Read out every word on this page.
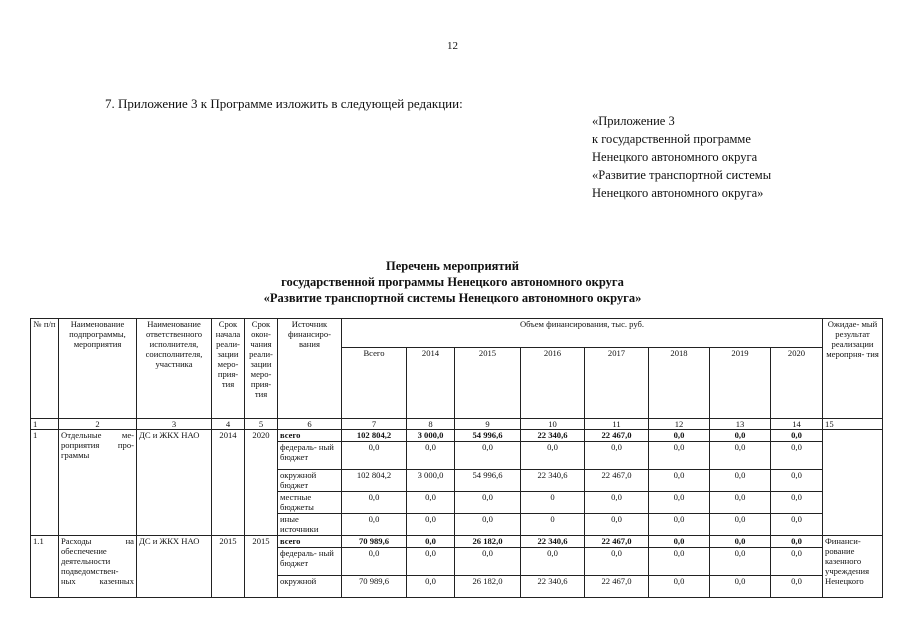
12
7. Приложение 3 к Программе изложить в следующей редакции:
«Приложение 3
к государственной программе
Ненецкого автономного округа
«Развитие транспортной системы
Ненецкого автономного округа»
Перечень мероприятий
государственной программы Ненецкого автономного округа
«Развитие транспортной системы Ненецкого автономного округа»
№ п/п	Наименование подпрограммы, мероприятия	Наименование ответственного исполнителя, соисполнителя, участника	Срок начала реали- зации меро- прия- тия	Срок окон- чания реали- зации меро- прия- тия	Источник финансиро- вания	Объем финансирования, тыс. руб.								Ожидае- мый результат реализации меропрня- тия
						Всего	2014	2015	2016	2017	2018	2019	2020	
1	2	3	4	5	6	7	8	9	10	11	12	13	14	15
1	Отдельные ме- роприятия про- граммы	ДС и ЖКХ НАО	2014	2020	всего	102 804,2	3 000,0	54 996,6	22 340,6	22 467,0	0,0	0,0	0,0	
					федераль- ный бюджет	0,0	0,0	0,0	0,0	0,0	0,0	0,0	0,0	
					окружной бюджет	102 804,2	3 000,0	54 996,6	22 340,6	22 467,0	0,0	0,0	0,0	
					местные бюджеты	0,0	0,0	0,0	0	0,0	0,0	0,0	0,0	
					иные источники	0,0	0,0	0,0	0	0,0	0,0	0,0	0,0	
1.1	Расходы на обеспечение деятельности подведомствен- ных казенных	ДС и ЖКХ НАО	2015	2015	всего	70 989,6	0,0	26 182,0	22 340,6	22 467,0	0,0	0,0	0,0	Финанси- рование казенного учреждения Ненецкого
					федераль- ный бюджет	0,0	0,0	0,0	0,0	0,0	0,0	0,0	0,0	
					окружной	70 989,6	0,0	26 182,0	22 340,6	22 467,0	0,0	0,0	0,0	
